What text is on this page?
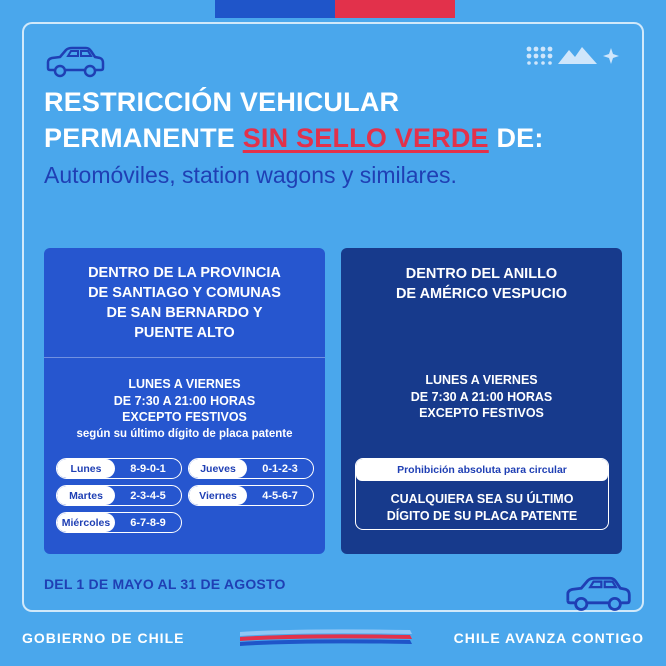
RESTRICCIÓN VEHICULAR
PERMANENTE SIN SELLO VERDE DE:
Automóviles, station wagons y similares.
DENTRO DE LA PROVINCIA
DE SANTIAGO Y COMUNAS
DE SAN BERNARDO Y
PUENTE ALTO
LUNES A VIERNES
DE 7:30 A 21:00 HORAS
EXCEPTO FESTIVOS
según su último dígito de placa patente
Lunes	8-9-0-1	Jueves	0-1-2-3
Martes	2-3-4-5	Viernes	4-5-6-7
Miércoles	6-7-8-9
DENTRO DEL ANILLO
DE AMÉRICO VESPUCIO
LUNES A VIERNES
DE 7:30 A 21:00 HORAS
EXCEPTO FESTIVOS
Prohibición absoluta para circular
CUALQUIERA SEA SU ÚLTIMO
DÍGITO DE SU PLACA PATENTE
DEL 1 DE MAYO AL 31 DE AGOSTO
GOBIERNO DE CHILE	CHILE AVANZA CONTIGO
